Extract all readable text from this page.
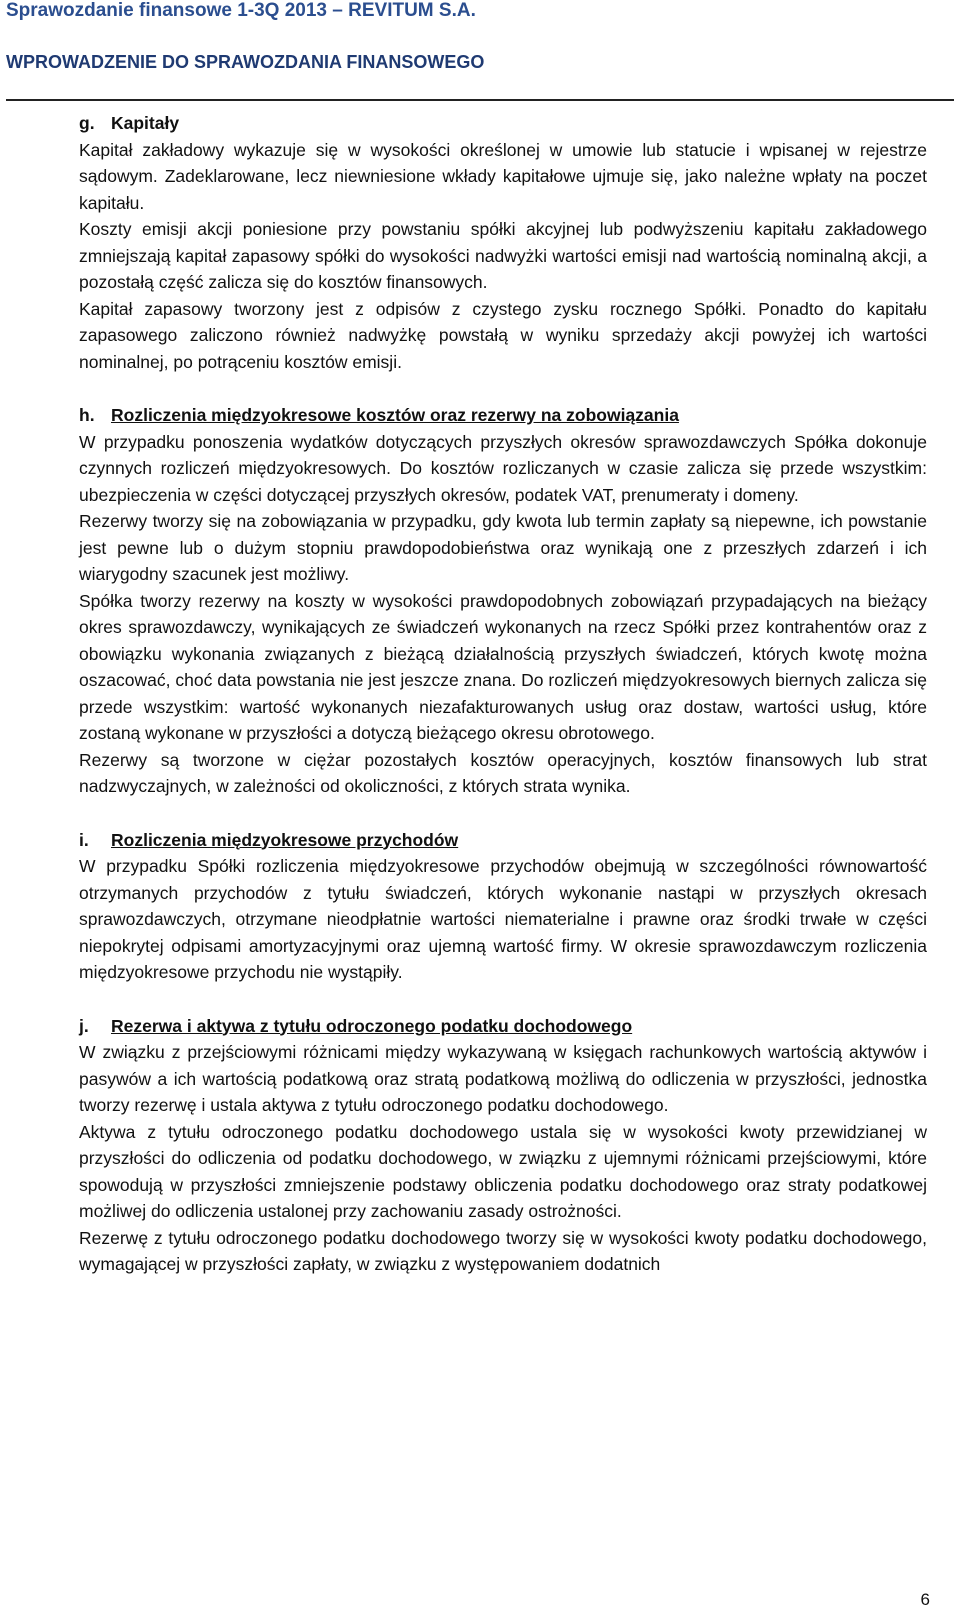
Sprawozdanie finansowe 1-3Q 2013 – REVITUM S.A.
WPROWADZENIE DO SPRAWOZDANIA FINANSOWEGO

g. Kapitały

Kapitał zakładowy wykazuje się w wysokości określonej w umowie lub statucie i wpisanej w rejestrze sądowym. Zadeklarowane, lecz niewniesione wkłady kapitałowe ujmuje się, jako należne wpłaty na poczet kapitału.

Koszty emisji akcji poniesione przy powstaniu spółki akcyjnej lub podwyższeniu kapitału zakładowego zmniejszają kapitał zapasowy spółki do wysokości nadwyżki wartości emisji nad wartością nominalną akcji, a pozostałą część zalicza się do kosztów finansowych.

Kapitał zapasowy tworzony jest z odpisów z czystego zysku rocznego Spółki. Ponadto do kapitału zapasowego zaliczono również nadwyżkę powstałą w wyniku sprzedaży akcji powyżej ich wartości nominalnej, po potrąceniu kosztów emisji.

h. Rozliczenia międzyokresowe kosztów oraz rezerwy na zobowiązania

W przypadku ponoszenia wydatków dotyczących przyszłych okresów sprawozdawczych Spółka dokonuje czynnych rozliczeń międzyokresowych. Do kosztów rozliczanych w czasie zalicza się przede wszystkim: ubezpieczenia w części dotyczącej przyszłych okresów, podatek VAT, prenumeraty i domeny.

Rezerwy tworzy się na zobowiązania w przypadku, gdy kwota lub termin zapłaty są niepewne, ich powstanie jest pewne lub o dużym stopniu prawdopodobieństwa oraz wynikają one z przeszłych zdarzeń i ich wiarygodny szacunek jest możliwy.

Spółka tworzy rezerwy na koszty w wysokości prawdopodobnych zobowiązań przypadających na bieżący okres sprawozdawczy, wynikających ze świadczeń wykonanych na rzecz Spółki przez kontrahentów oraz z obowiązku wykonania związanych z bieżącą działalnością przyszłych świadczeń, których kwotę można oszacować, choć data powstania nie jest jeszcze znana. Do rozliczeń międzyokresowych biernych zalicza się przede wszystkim: wartość wykonanych niezafakturowanych usług oraz dostaw, wartości usług, które zostaną wykonane w przyszłości a dotyczą bieżącego okresu obrotowego.

Rezerwy są tworzone w ciężar pozostałych kosztów operacyjnych, kosztów finansowych lub strat nadzwyczajnych, w zależności od okoliczności, z których strata wynika.

i. Rozliczenia międzyokresowe przychodów

W przypadku Spółki rozliczenia międzyokresowe przychodów obejmują w szczególności równowartość otrzymanych przychodów z tytułu świadczeń, których wykonanie nastąpi w przyszłych okresach sprawozdawczych, otrzymane nieodpłatnie wartości niematerialne i prawne oraz środki trwałe w części niepokrytej odpisami amortyzacyjnymi oraz ujemną wartość firmy. W okresie sprawozdawczym rozliczenia międzyokresowe przychodu nie wystąpiły.

j. Rezerwa i aktywa z tytułu odroczonego podatku dochodowego

W związku z przejściowymi różnicami między wykazywaną w księgach rachunkowych wartością aktywów i pasywów a ich wartością podatkową oraz stratą podatkową możliwą do odliczenia w przyszłości, jednostka tworzy rezerwę i ustala aktywa z tytułu odroczonego podatku dochodowego.

Aktywa z tytułu odroczonego podatku dochodowego ustala się w wysokości kwoty przewidzianej w przyszłości do odliczenia od podatku dochodowego, w związku z ujemnymi różnicami przejściowymi, które spowodują w przyszłości zmniejszenie podstawy obliczenia podatku dochodowego oraz straty podatkowej możliwej do odliczenia ustalonej przy zachowaniu zasady ostrożności.

Rezerwę z tytułu odroczonego podatku dochodowego tworzy się w wysokości kwoty podatku dochodowego, wymagającej w przyszłości zapłaty, w związku z występowaniem dodatnich

6
